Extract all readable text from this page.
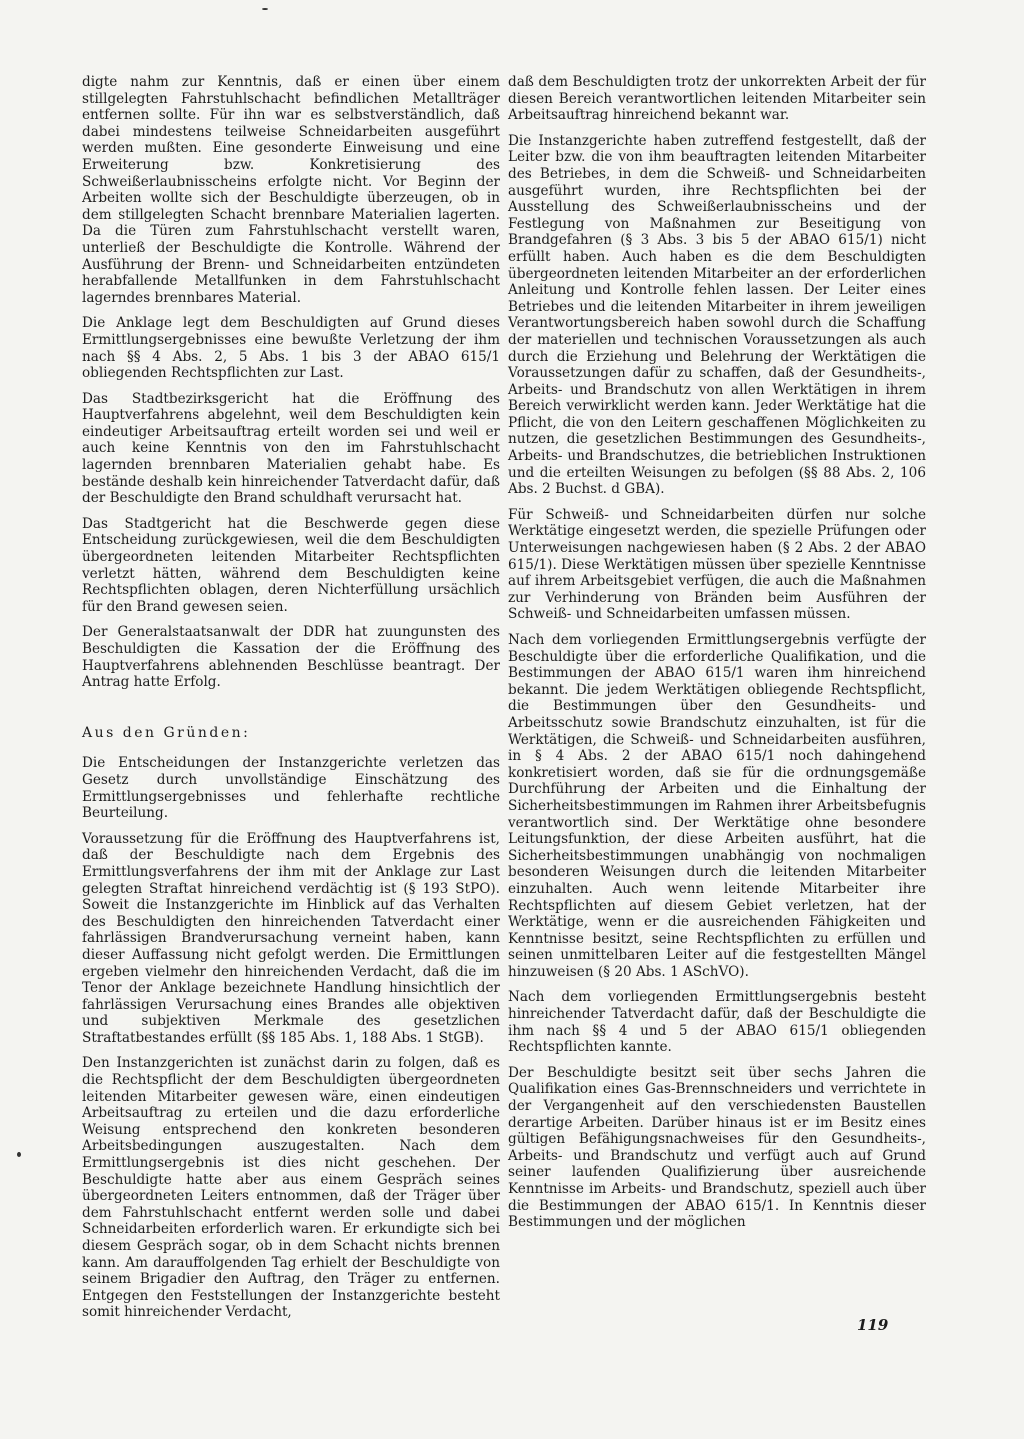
digte nahm zur Kenntnis, daß er einen über einem stillgelegten Fahrstuhlschacht befindlichen Metallträger entfernen sollte. Für ihn war es selbstverständlich, daß dabei mindestens teilweise Schneidarbeiten ausgeführt werden mußten. Eine gesonderte Einweisung und eine Erweiterung bzw. Konkretisierung des Schweißerlaubnisscheins erfolgte nicht. Vor Beginn der Arbeiten wollte sich der Beschuldigte überzeugen, ob in dem stillgelegten Schacht brennbare Materialien lagerten. Da die Türen zum Fahrstuhlschacht verstellt waren, unterließ der Beschuldigte die Kontrolle. Während der Ausführung der Brenn- und Schneidarbeiten entzündeten herabfallende Metallfunken in dem Fahrstuhlschacht lagerndes brennbares Material.

Die Anklage legt dem Beschuldigten auf Grund dieses Ermittlungsergebnisses eine bewußte Verletzung der ihm nach §§ 4 Abs. 2, 5 Abs. 1 bis 3 der ABAO 615/1 obliegenden Rechtspflichten zur Last.

Das Stadtbezirksgericht hat die Eröffnung des Hauptverfahrens abgelehnt, weil dem Beschuldigten kein eindeutiger Arbeitsauftrag erteilt worden sei und weil er auch keine Kenntnis von den im Fahrstuhlschacht lagernden brennbaren Materialien gehabt habe. Es bestände deshalb kein hinreichender Tatverdacht dafür, daß der Beschuldigte den Brand schuldhaft verursacht hat.

Das Stadtgericht hat die Beschwerde gegen diese Entscheidung zurückgewiesen, weil die dem Beschuldigten übergeordneten leitenden Mitarbeiter Rechtspflichten verletzt hätten, während dem Beschuldigten keine Rechtspflichten oblagen, deren Nichterfüllung ursächlich für den Brand gewesen seien.

Der Generalstaatsanwalt der DDR hat zuungunsten des Beschuldigten die Kassation der die Eröffnung des Hauptverfahrens ablehnenden Beschlüsse beantragt. Der Antrag hatte Erfolg.

Aus den Gründen:

Die Entscheidungen der Instanzgerichte verletzen das Gesetz durch unvollständige Einschätzung des Ermittlungsergebnisses und fehlerhafte rechtliche Beurteilung.

Voraussetzung für die Eröffnung des Hauptverfahrens ist, daß der Beschuldigte nach dem Ergebnis des Ermittlungsverfahrens der ihm mit der Anklage zur Last gelegten Straftat hinreichend verdächtig ist (§ 193 StPO). Soweit die Instanzgerichte im Hinblick auf das Verhalten des Beschuldigten den hinreichenden Tatverdacht einer fahrlässigen Brandverursachung verneint haben, kann dieser Auffassung nicht gefolgt werden. Die Ermittlungen ergeben vielmehr den hinreichenden Verdacht, daß die im Tenor der Anklage bezeichnete Handlung hinsichtlich der fahrlässigen Verursachung eines Brandes alle objektiven und subjektiven Merkmale des gesetzlichen Straftatbestandes erfüllt (§§ 185 Abs. 1, 188 Abs. 1 StGB).

Den Instanzgerichten ist zunächst darin zu folgen, daß es die Rechtspflicht der dem Beschuldigten übergeordneten leitenden Mitarbeiter gewesen wäre, einen eindeutigen Arbeitsauftrag zu erteilen und die dazu erforderliche Weisung entsprechend den konkreten besonderen Arbeitsbedingungen auszugestalten. Nach dem Ermittlungsergebnis ist dies nicht geschehen. Der Beschuldigte hatte aber aus einem Gespräch seines übergeordneten Leiters entnommen, daß der Träger über dem Fahrstuhlschacht entfernt werden solle und dabei Schneidarbeiten erforderlich waren. Er erkundigte sich bei diesem Gespräch sogar, ob in dem Schacht nichts brennen kann. Am darauffolgenden Tag erhielt der Beschuldigte von seinem Brigadier den Auftrag, den Träger zu entfernen. Entgegen den Feststellungen der Instanzgerichte besteht somit hinreichender Verdacht,

daß dem Beschuldigten trotz der unkorrekten Arbeit der für diesen Bereich verantwortlichen leitenden Mitarbeiter sein Arbeitsauftrag hinreichend bekannt war.

Die Instanzgerichte haben zutreffend festgestellt, daß der Leiter bzw. die von ihm beauftragten leitenden Mitarbeiter des Betriebes, in dem die Schweiß- und Schneidarbeiten ausgeführt wurden, ihre Rechtspflichten bei der Ausstellung des Schweißerlaubnisscheins und der Festlegung von Maßnahmen zur Beseitigung von Brandgefahren (§ 3 Abs. 3 bis 5 der ABAO 615/1) nicht erfüllt haben. Auch haben es die dem Beschuldigten übergeordneten leitenden Mitarbeiter an der erforderlichen Anleitung und Kontrolle fehlen lassen. Der Leiter eines Betriebes und die leitenden Mitarbeiter in ihrem jeweiligen Verantwortungsbereich haben sowohl durch die Schaffung der materiellen und technischen Voraussetzungen als auch durch die Erziehung und Belehrung der Werktätigen die Voraussetzungen dafür zu schaffen, daß der Gesundheits-, Arbeits- und Brandschutz von allen Werktätigen in ihrem Bereich verwirklicht werden kann. Jeder Werktätige hat die Pflicht, die von den Leitern geschaffenen Möglichkeiten zu nutzen, die gesetzlichen Bestimmungen des Gesundheits-, Arbeits- und Brandschutzes, die betrieblichen Instruktionen und die erteilten Weisungen zu befolgen (§§ 88 Abs. 2, 106 Abs. 2 Buchst. d GBA).

Für Schweiß- und Schneidarbeiten dürfen nur solche Werktätige eingesetzt werden, die spezielle Prüfungen oder Unterweisungen nachgewiesen haben (§ 2 Abs. 2 der ABAO 615/1). Diese Werktätigen müssen über spezielle Kenntnisse auf ihrem Arbeitsgebiet verfügen, die auch die Maßnahmen zur Verhinderung von Bränden beim Ausführen der Schweiß- und Schneidarbeiten umfassen müssen.

Nach dem vorliegenden Ermittlungsergebnis verfügte der Beschuldigte über die erforderliche Qualifikation, und die Bestimmungen der ABAO 615/1 waren ihm hinreichend bekannt. Die jedem Werktätigen obliegende Rechtspflicht, die Bestimmungen über den Gesundheits- und Arbeitsschutz sowie Brandschutz einzuhalten, ist für die Werktätigen, die Schweiß- und Schneidarbeiten ausführen, in § 4 Abs. 2 der ABAO 615/1 noch dahingehend konkretisiert worden, daß sie für die ordnungsgemäße Durchführung der Arbeiten und die Einhaltung der Sicherheitsbestimmungen im Rahmen ihrer Arbeitsbefugnis verantwortlich sind. Der Werktätige ohne besondere Leitungsfunktion, der diese Arbeiten ausführt, hat die Sicherheitsbestimmungen unabhängig von nochmaligen besonderen Weisungen durch die leitenden Mitarbeiter einzuhalten. Auch wenn leitende Mitarbeiter ihre Rechtspflichten auf diesem Gebiet verletzen, hat der Werktätige, wenn er die ausreichenden Fähigkeiten und Kenntnisse besitzt, seine Rechtspflichten zu erfüllen und seinen unmittelbaren Leiter auf die festgestellten Mängel hinzuweisen (§ 20 Abs. 1 ASchVO).

Nach dem vorliegenden Ermittlungsergebnis besteht hinreichender Tatverdacht dafür, daß der Beschuldigte die ihm nach §§ 4 und 5 der ABAO 615/1 obliegenden Rechtspflichten kannte.

Der Beschuldigte besitzt seit über sechs Jahren die Qualifikation eines Gas-Brennschneiders und verrichtete in der Vergangenheit auf den verschiedensten Baustellen derartige Arbeiten. Darüber hinaus ist er im Besitz eines gültigen Befähigungsnachweises für den Gesundheits-, Arbeits- und Brandschutz und verfügt auch auf Grund seiner laufenden Qualifizierung über ausreichende Kenntnisse im Arbeits- und Brandschutz, speziell auch über die Bestimmungen der ABAO 615/1. In Kenntnis dieser Bestimmungen und der möglichen

119
